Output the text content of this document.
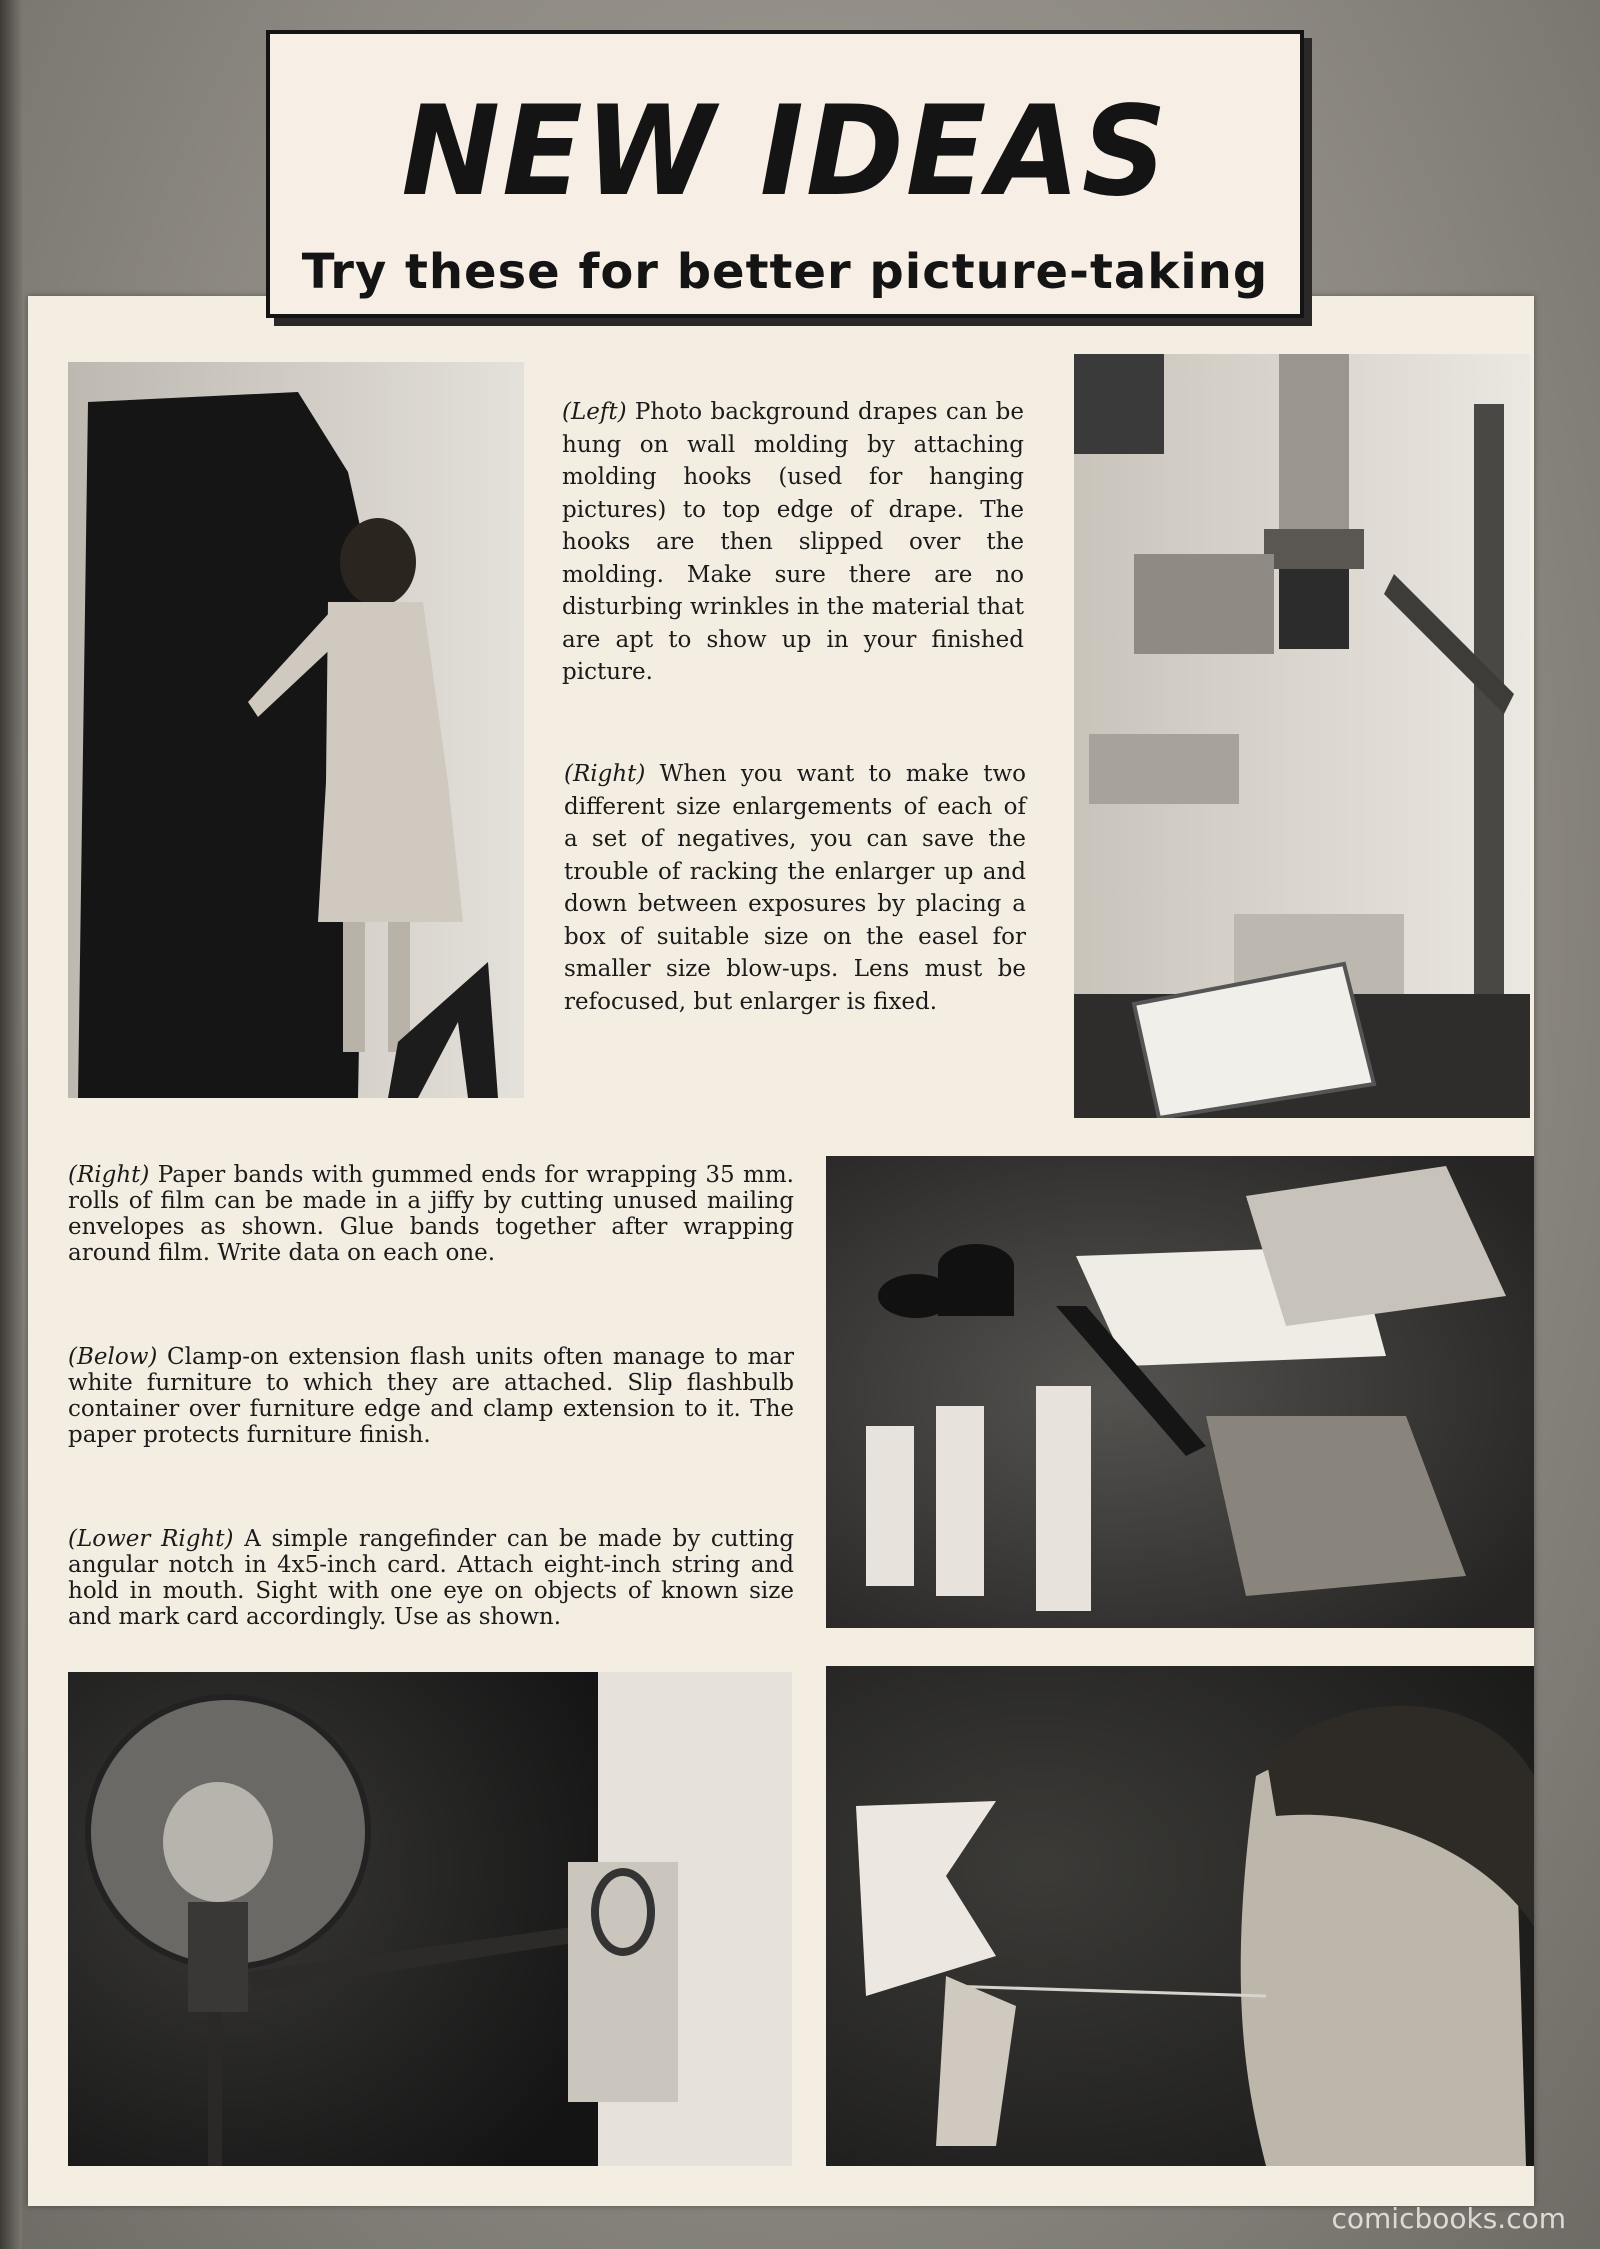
NEW IDEAS
Try these for better picture-taking
(Left) Photo background drapes can be hung on wall molding by attaching molding hooks (used for hanging pictures) to top edge of drape. The hooks are then slipped over the molding. Make sure there are no disturbing wrinkles in the material that are apt to show up in your finished picture.
(Right) When you want to make two different size enlargements of each of a set of negatives, you can save the trouble of racking the enlarger up and down between exposures by placing a box of suitable size on the easel for smaller size blow-ups. Lens must be refocused, but enlarger is fixed.
(Right) Paper bands with gummed ends for wrapping 35 mm. rolls of film can be made in a jiffy by cutting unused mailing envelopes as shown. Glue bands together after wrapping around film. Write data on each one.
(Below) Clamp-on extension flash units often manage to mar white furniture to which they are attached. Slip flashbulb container over furniture edge and clamp extension to it. The paper protects furniture finish.
(Lower Right) A simple rangefinder can be made by cutting angular notch in 4x5-inch card. Attach eight-inch string and hold in mouth. Sight with one eye on objects of known size and mark card accordingly. Use as shown.
comicbooks.com
